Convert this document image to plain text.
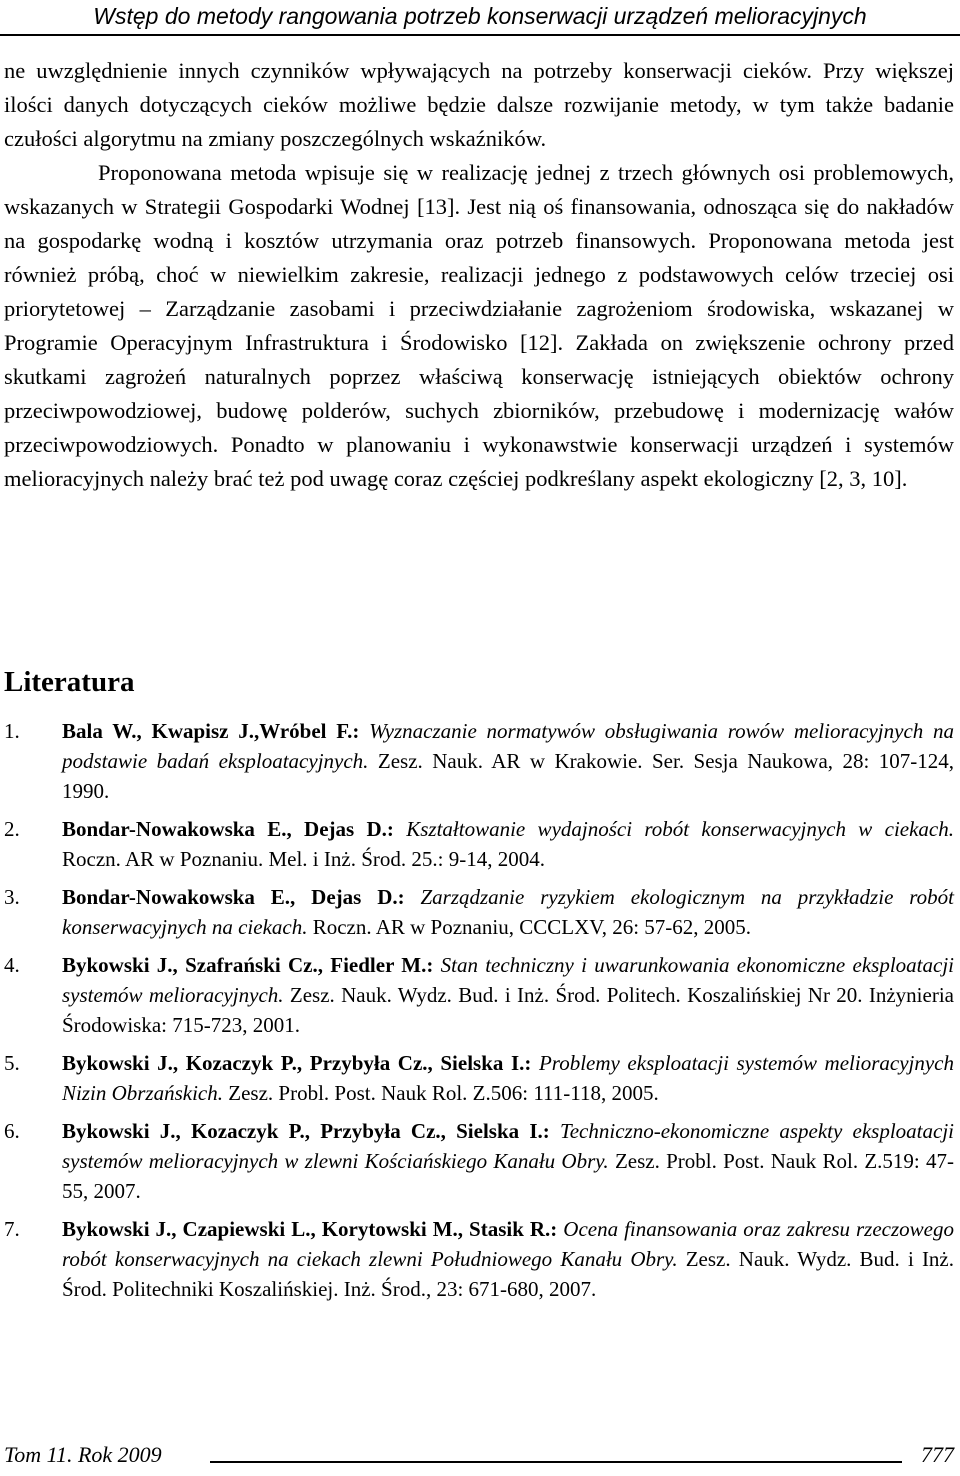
Wstęp do metody rangowania potrzeb konserwacji urządzeń melioracyjnych

ne uwzględnienie innych czynników wpływających na potrzeby konserwacji cieków. Przy większej ilości danych dotyczących cieków możliwe będzie dalsze rozwijanie metody, w tym także badanie czułości algorytmu na zmiany poszczególnych wskaźników.

Proponowana metoda wpisuje się w realizację jednej z trzech głównych osi problemowych, wskazanych w Strategii Gospodarki Wodnej [13]. Jest nią oś finansowania, odnosząca się do nakładów na gospodarkę wodną i kosztów utrzymania oraz potrzeb finansowych. Proponowana metoda jest również próbą, choć w niewielkim zakresie, realizacji jednego z podstawowych celów trzeciej osi priorytetowej – Zarządzanie zasobami i przeciwdziałanie zagrożeniom środowiska, wskazanej w Programie Operacyjnym Infrastruktura i Środowisko [12]. Zakłada on zwiększenie ochrony przed skutkami zagrożeń naturalnych poprzez właściwą konserwację istniejących obiektów ochrony przeciwpowodziowej, budowę polderów, suchych zbiorników, przebudowę i modernizację wałów przeciwpowodziowych. Ponadto w planowaniu i wykonawstwie konserwacji urządzeń i systemów melioracyjnych należy brać też pod uwagę coraz częściej podkreślany aspekt ekologiczny [2, 3, 10].

Literatura
1. Bala W., Kwapisz J.,Wróbel F.: Wyznaczanie normatywów obsługiwania rowów melioracyjnych na podstawie badań eksploatacyjnych. Zesz. Nauk. AR w Krakowie. Ser. Sesja Naukowa, 28: 107-124, 1990.
2. Bondar-Nowakowska E., Dejas D.: Kształtowanie wydajności robót konserwacyjnych w ciekach. Roczn. AR w Poznaniu. Mel. i Inż. Środ. 25.: 9-14, 2004.
3. Bondar-Nowakowska E., Dejas D.: Zarządzanie ryzykiem ekologicznym na przykładzie robót konserwacyjnych na ciekach. Roczn. AR w Poznaniu, CCCLXV, 26: 57-62, 2005.
4. Bykowski J., Szafrański Cz., Fiedler M.: Stan techniczny i uwarunkowania ekonomiczne eksploatacji systemów melioracyjnych. Zesz. Nauk. Wydz. Bud. i Inż. Środ. Politech. Koszalińskiej Nr 20. Inżynieria Środowiska: 715-723, 2001.
5. Bykowski J., Kozaczyk P., Przybyła Cz., Sielska I.: Problemy eksploatacji systemów melioracyjnych Nizin Obrzańskich. Zesz. Probl. Post. Nauk Rol. Z.506: 111-118, 2005.
6. Bykowski J., Kozaczyk P., Przybyła Cz., Sielska I.: Techniczno-ekonomiczne aspekty eksploatacji systemów melioracyjnych w zlewni Kościańskiego Kanału Obry. Zesz. Probl. Post. Nauk Rol. Z.519: 47-55, 2007.
7. Bykowski J., Czapiewski L., Korytowski M., Stasik R.: Ocena finansowania oraz zakresu rzeczowego robót konserwacyjnych na ciekach zlewni Południowego Kanału Obry. Zesz. Nauk. Wydz. Bud. i Inż. Środ. Politechniki Koszalińskiej. Inż. Środ., 23: 671-680, 2007.
Tom 11. Rok 2009	777
